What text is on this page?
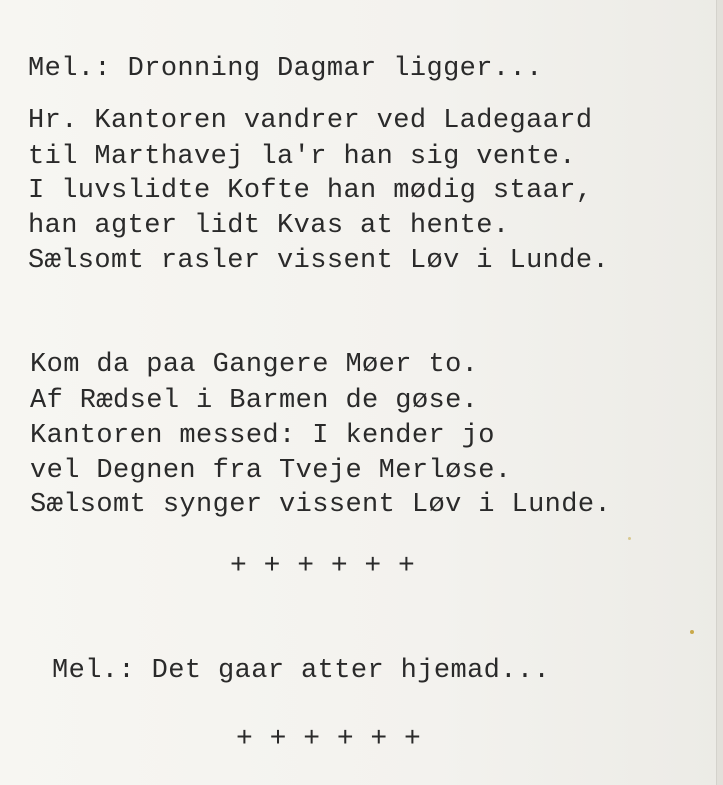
Mel.: Dronning Dagmar ligger...
Hr. Kantoren vandrer ved Ladegaard
til Marthavej la'r han sig vente.
I luvslidte Kofte han mødig staar,
han agter lidt Kvas at hente.
Sælsomt rasler vissent Løv i Lunde.
Kom da paa Gangere Møer to.
Af Rædsel i Barmen de gøse.
Kantoren messed: I kender jo
vel Degnen fra Tveje Merløse.
Sælsomt synger vissent Løv i Lunde.
+ + + + + +
Mel.: Det gaar atter hjemad...
+ + + + + +
